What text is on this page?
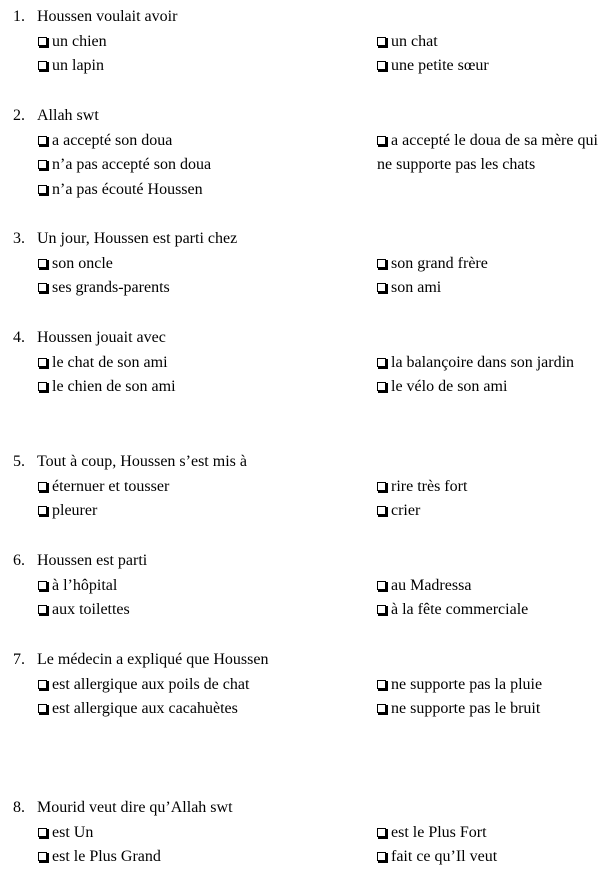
1. Houssen voulait avoir
un chien
un lapin
un chat
une petite sœur
2. Allah swt
a accepté son doua
n’a pas accepté son doua
n’a pas écouté Houssen
a accepté le doua de sa mère qui ne supporte pas les chats
3. Un jour, Houssen est parti chez
son oncle
ses grands-parents
son grand frère
son ami
4. Houssen jouait avec
le chat de son ami
le chien de son ami
la balançoire dans son jardin
le vélo de son ami
5. Tout à coup, Houssen s’est mis à
éternuer et tousser
pleurer
rire très fort
crier
6. Houssen est parti
à l’hôpital
aux toilettes
au Madressa
à la fête commerciale
7. Le médecin a expliqué que Houssen
est allergique aux poils de chat
est allergique aux cacahuètes
ne supporte pas la pluie
ne supporte pas le bruit
8. Mourid veut dire qu’Allah swt
est Un
est le Plus Grand
est le Plus Fort
fait ce qu’Il veut
